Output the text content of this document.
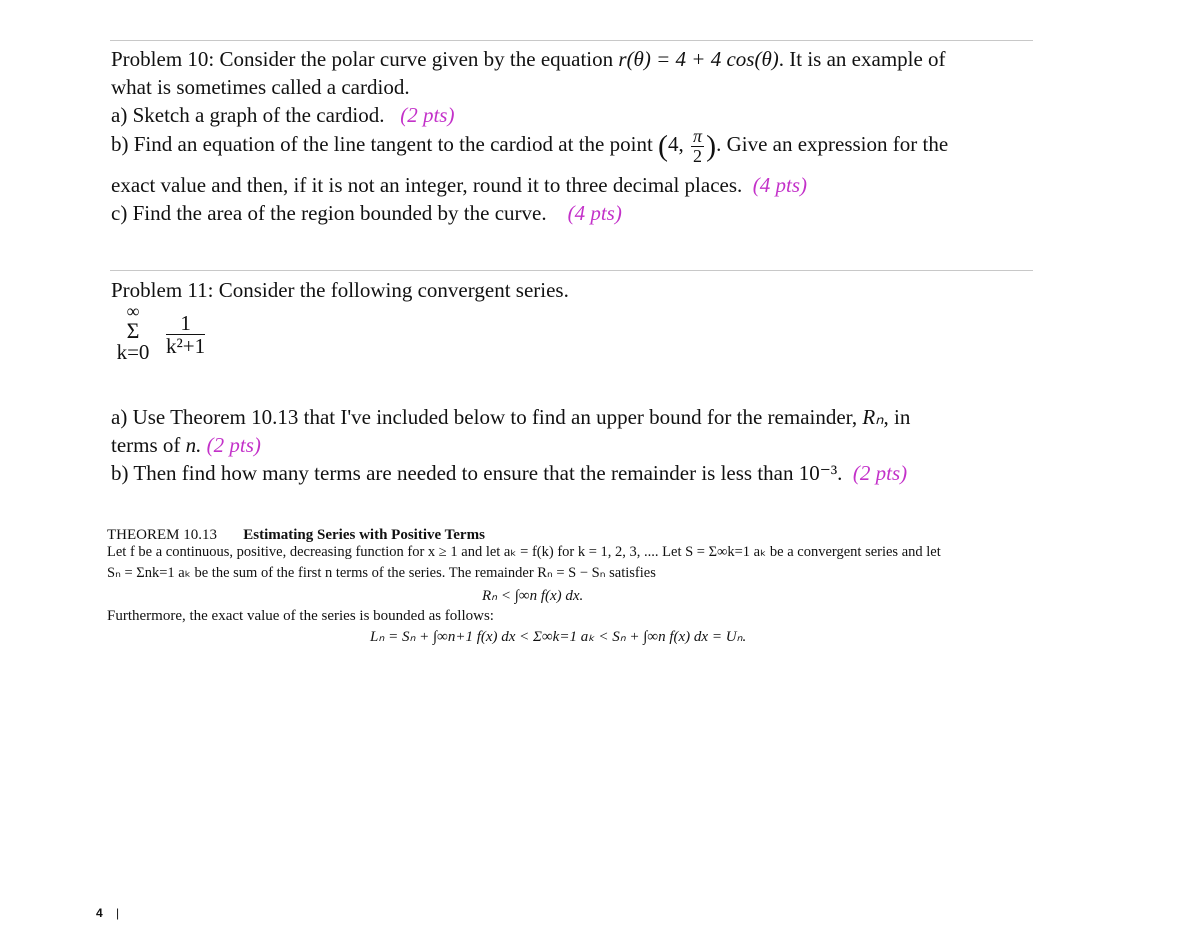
Problem 10: Consider the polar curve given by the equation r(θ) = 4 + 4 cos(θ). It is an example of
what is sometimes called a cardiod.
a) Sketch a graph of the cardiod. (2 pts)
b) Find an equation of the line tangent to the cardiod at the point (4, $\frac{\pi}{2}$ ). Give an expression for the
exact value and then, if it is not an integer, round it to three decimal places. (4 pts)
c) Find the area of the region bounded by the curve. (4 pts)
Problem 11: Consider the following convergent series.
∞
Σ
$k=0 \frac{1}{\text{k²+1}}$
a) Use Theorem 10.13 that I've included below to find an upper bound for the remainder, Rₙ, in
terms of n. (2 pts)
b) Then find how many terms are needed to ensure that the remainder is less than 10⁻³. (2 pts)
THEOREM 10.13 Estimating Series with Positive Terms
Let f be a continuous, positive, decreasing function for x ≥ 1 and let aₖ = f(k) for k = 1, 2, 3, .... Let S = Σ∞k=1 aₖ be a convergent series and let
Sₙ = Σnk=1 aₖ be the sum of the first n terms of the series. The remainder Rₙ = S − Sₙ satisfies
Rₙ < ∫∞n f(x) dx.
Furthermore, the exact value of the series is bounded as follows:
Lₙ = Sₙ + ∫∞n+1 f(x) dx < Σ∞k=1 aₖ < Sₙ + ∫∞n f(x) dx = Uₙ.
4 |
